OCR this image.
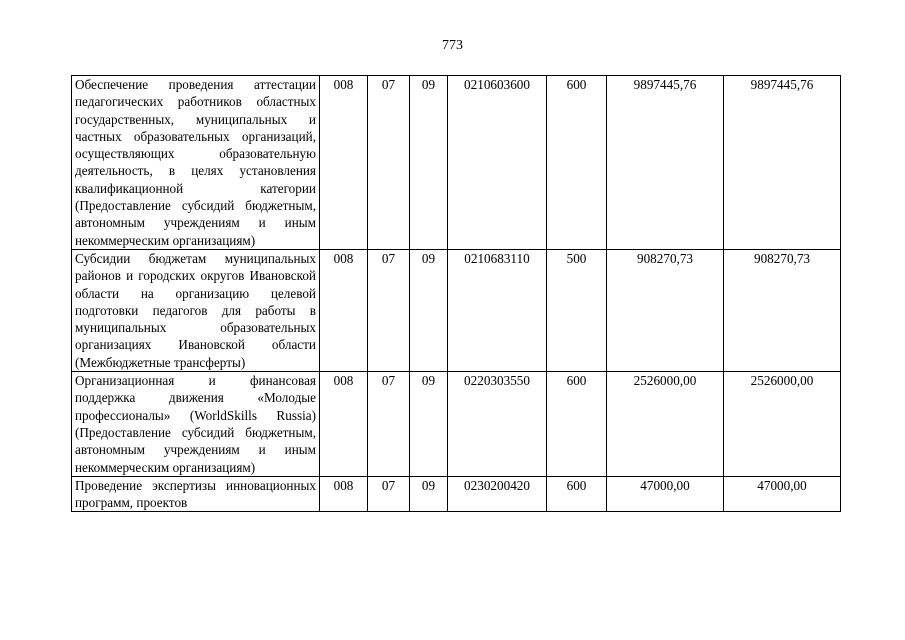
773
Обеспечение проведения аттестации педагогических работников областных государственных, муниципальных и частных образовательных организаций, осуществляющих образовательную деятельность, в целях установления квалификационной категории (Предоставление субсидий бюджетным, автономным учреждениям и иным некоммерческим организациям)	008	07	09	0210603600	600	9897445,76	9897445,76
Субсидии бюджетам муниципальных районов и городских округов Ивановской области на организацию целевой подготовки педагогов для работы в муниципальных образовательных организациях Ивановской области (Межбюджетные трансферты)	008	07	09	0210683110	500	908270,73	908270,73
Организационная и финансовая поддержка движения «Молодые профессионалы» (WorldSkills Russia) (Предоставление субсидий бюджетным, автономным учреждениям и иным некоммерческим организациям)	008	07	09	0220303550	600	2526000,00	2526000,00
Проведение экспертизы инновационных программ, проектов	008	07	09	0230200420	600	47000,00	47000,00
